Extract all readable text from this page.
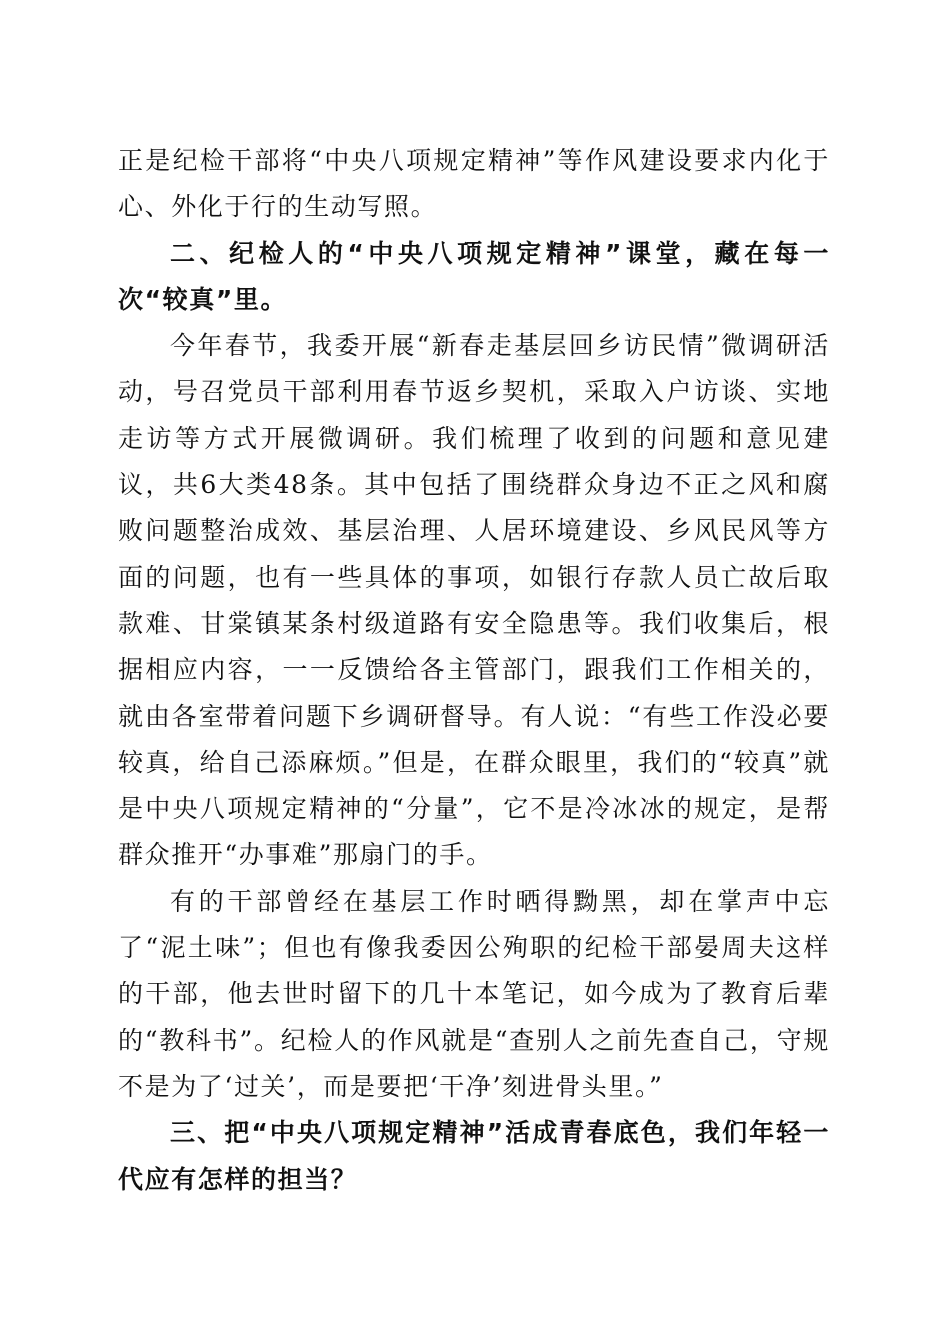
正是纪检干部将“中央八项规定精神”等作风建设要求内化于心、外化于行的生动写照。

二、纪检人的“中央八项规定精神”课堂，藏在每一次“较真”里。

今年春节，我委开展“新春走基层回乡访民情”微调研活动，号召党员干部利用春节返乡契机，采取入户访谈、实地走访等方式开展微调研。我们梳理了收到的问题和意见建议，共6大类48条。其中包括了围绕群众身边不正之风和腐败问题整治成效、基层治理、人居环境建设、乡风民风等方面的问题，也有一些具体的事项，如银行存款人员亡故后取款难、甘棠镇某条村级道路有安全隐患等。我们收集后，根据相应内容，一一反馈给各主管部门，跟我们工作相关的，就由各室带着问题下乡调研督导。有人说：“有些工作没必要较真，给自己添麻烦。”但是，在群众眼里，我们的“较真”就是中央八项规定精神的“分量”，它不是冷冰冰的规定，是帮群众推开“办事难”那扇门的手。

有的干部曾经在基层工作时晒得黝黑，却在掌声中忘了“泥土味”；但也有像我委因公殉职的纪检干部晏周夫这样的干部，他去世时留下的几十本笔记，如今成为了教育后辈的“教科书”。纪检人的作风就是“查别人之前先查自己，守规不是为了‘过关’，而是要把‘干净’刻进骨头里。”

三、把“中央八项规定精神”活成青春底色，我们年轻一代应有怎样的担当？
